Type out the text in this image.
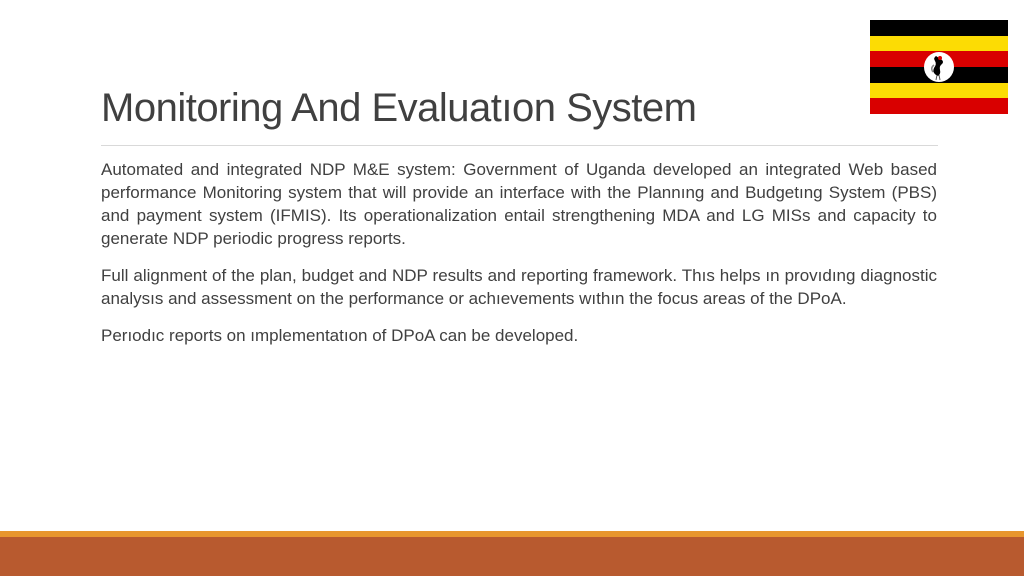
Monitoring And Evaluatıon System

Automated and integrated NDP M&E system: Government of Uganda developed an integrated Web based performance Monitoring system that will provide an interface with the Plannıng and Budgetıng System (PBS) and payment system (IFMIS). Its operationalization entail strengthening MDA and LG MISs and capacity to generate NDP periodic progress reports.

Full alignment of the plan, budget and NDP results and reporting framework. Thıs helps ın provıdıng diagnostic analysıs and assessment on the performance or achıevements wıthın the focus areas of the DPoA.

Perıodıc reports on ımplementatıon of DPoA can be developed.
